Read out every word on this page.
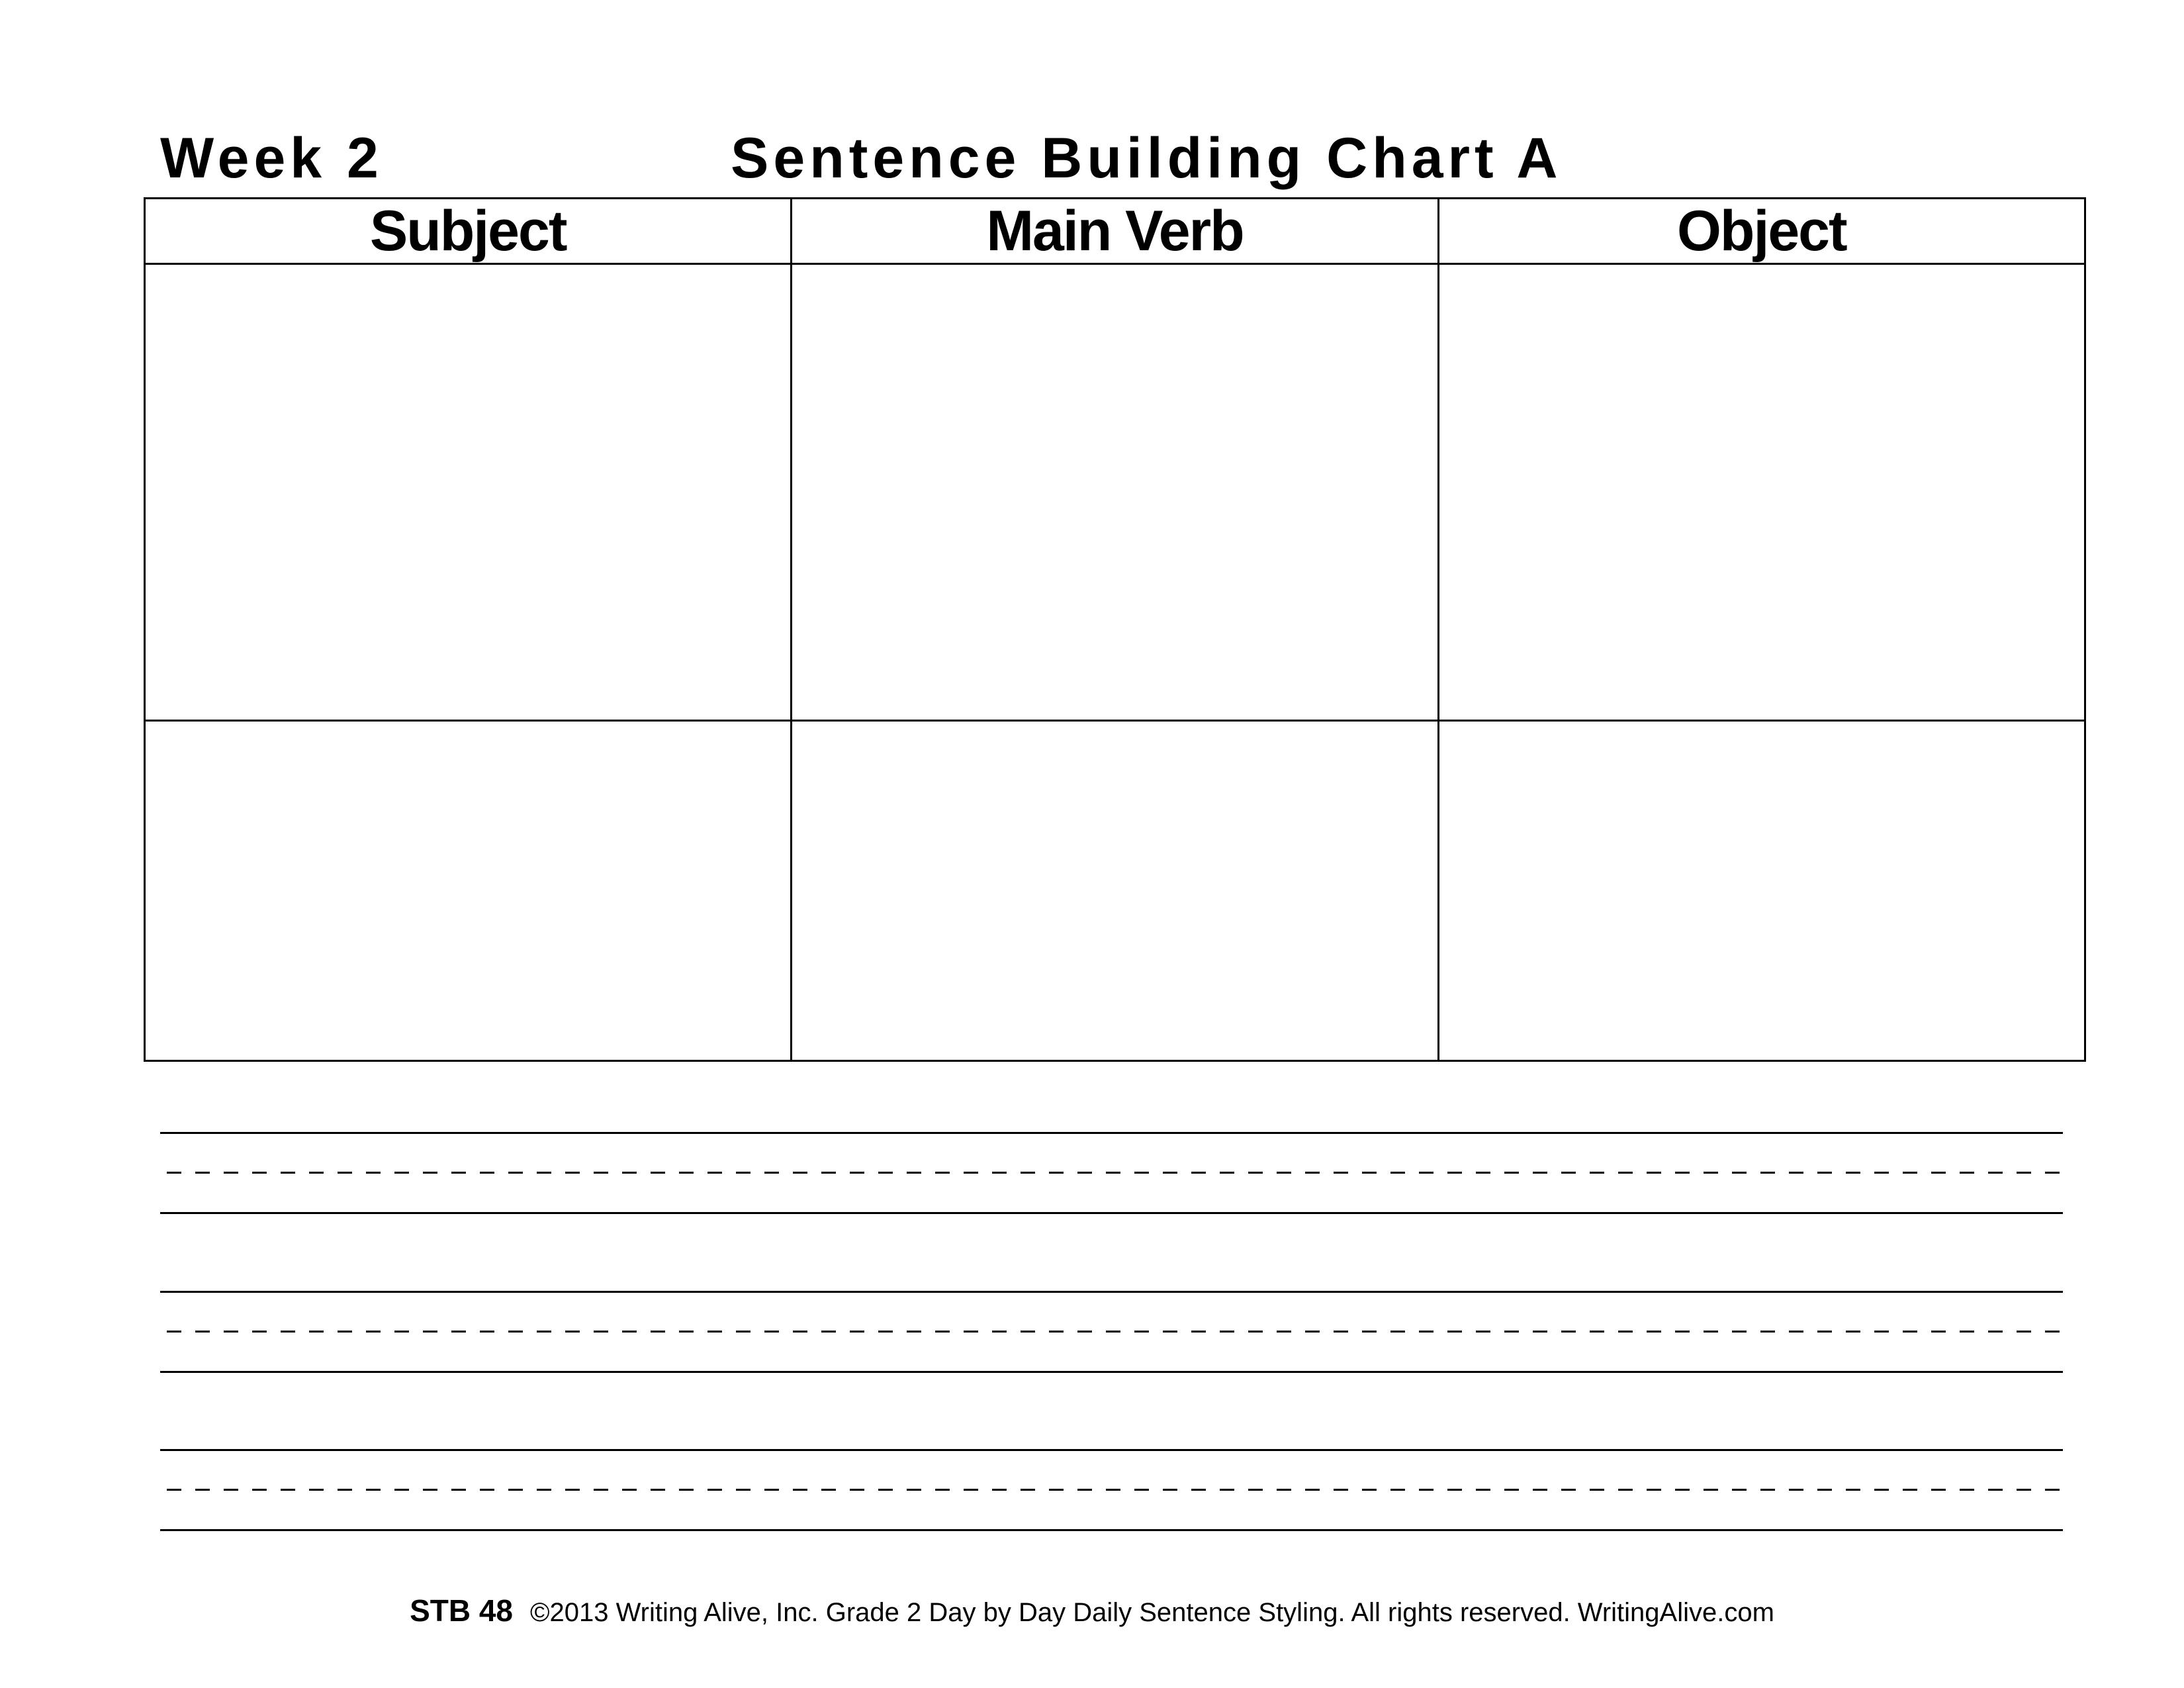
Week 2	Sentence Building Chart A
Subject	Main Verb	Object

STB 48 ©2013 Writing Alive, Inc. Grade 2 Day by Day Daily Sentence Styling. All rights reserved. WritingAlive.com
